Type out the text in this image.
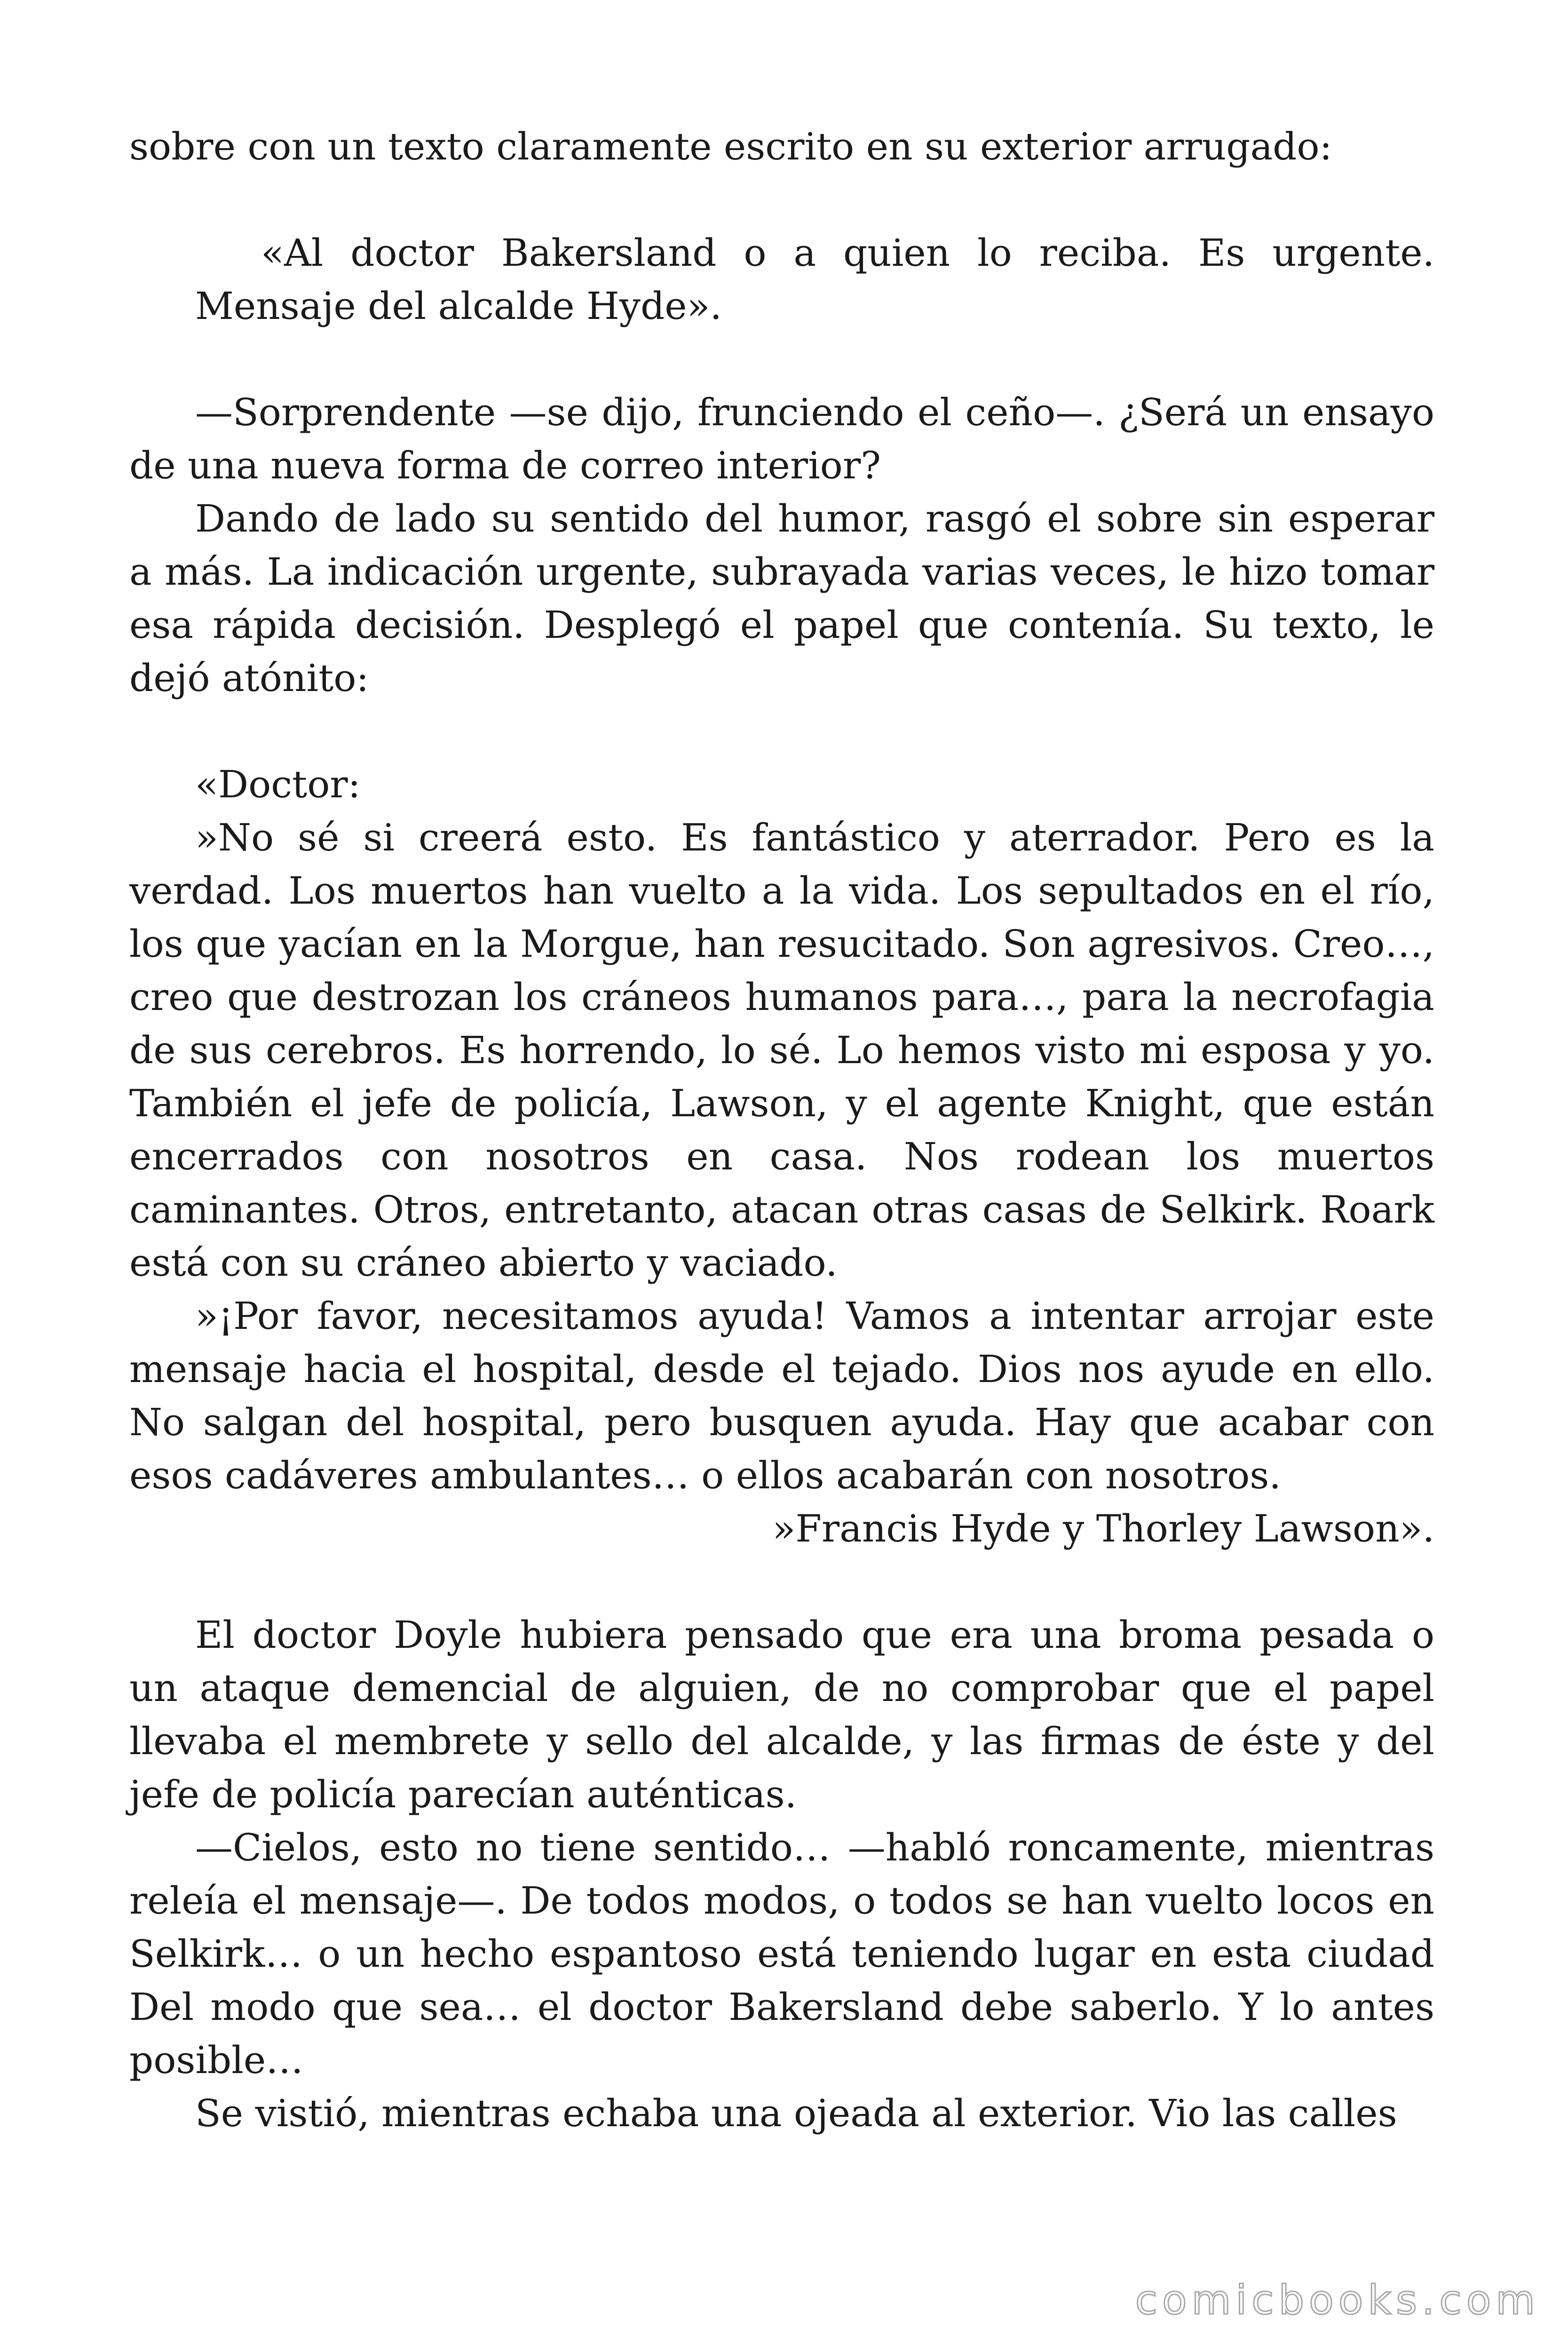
sobre con un texto claramente escrito en su exterior arrugado:

«Al doctor Bakersland o a quien lo reciba. Es urgente. Mensaje del alcalde Hyde».

—Sorprendente —se dijo, frunciendo el ceño—. ¿Será un ensayo de una nueva forma de correo interior?

Dando de lado su sentido del humor, rasgó el sobre sin esperar a más. La indicación urgente, subrayada varias veces, le hizo tomar esa rápida decisión. Desplegó el papel que contenía. Su texto, le dejó atónito:

«Doctor:

»No sé si creerá esto. Es fantástico y aterrador. Pero es la verdad. Los muertos han vuelto a la vida. Los sepultados en el río, los que yacían en la Morgue, han resucitado. Son agresivos. Creo…, creo que destrozan los cráneos humanos para…, para la necrofagia de sus cerebros. Es horrendo, lo sé. Lo hemos visto mi esposa y yo. También el jefe de policía, Lawson, y el agente Knight, que están encerrados con nosotros en casa. Nos rodean los muertos caminantes. Otros, entretanto, atacan otras casas de Selkirk. Roark está con su cráneo abierto y vaciado.

»¡Por favor, necesitamos ayuda! Vamos a intentar arrojar este mensaje hacia el hospital, desde el tejado. Dios nos ayude en ello. No salgan del hospital, pero busquen ayuda. Hay que acabar con esos cadáveres ambulantes… o ellos acabarán con nosotros.

»Francis Hyde y Thorley Lawson».

El doctor Doyle hubiera pensado que era una broma pesada o un ataque demencial de alguien, de no comprobar que el papel llevaba el membrete y sello del alcalde, y las firmas de éste y del jefe de policía parecían auténticas.

—Cielos, esto no tiene sentido… —habló roncamente, mientras releía el mensaje—. De todos modos, o todos se han vuelto locos en Selkirk… o un hecho espantoso está teniendo lugar en esta ciudad Del modo que sea… el doctor Bakersland debe saberlo. Y lo antes posible…

Se vistió, mientras echaba una ojeada al exterior. Vio las calles

comicbooks.com
